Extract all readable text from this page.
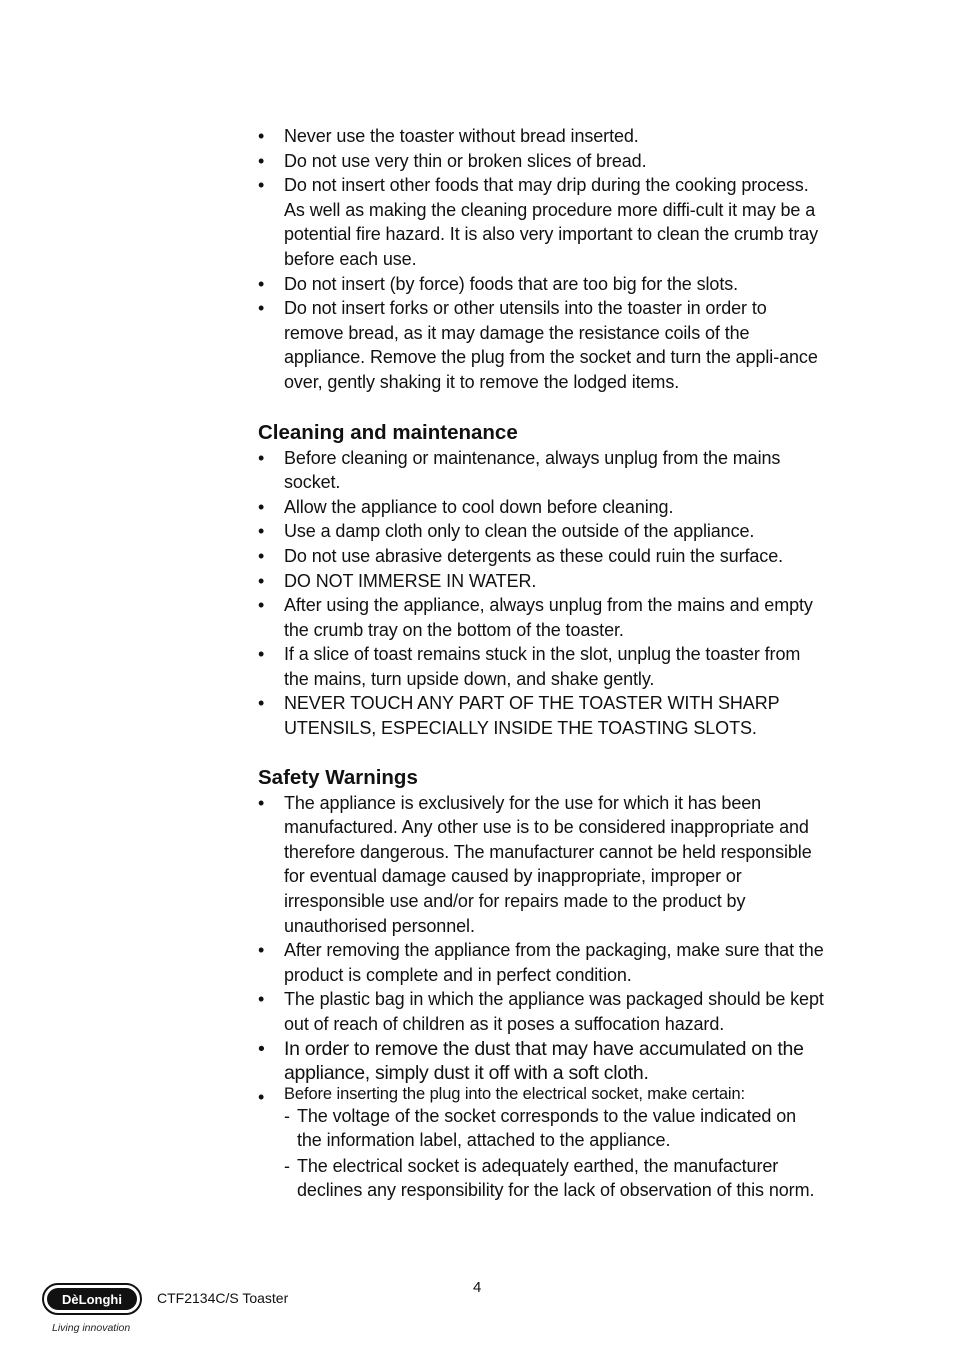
• Never use the toaster without bread inserted.
• Do not use very thin or broken slices of bread.
• Do not insert other foods that may drip during the cooking process. As well as making the cleaning procedure more diffi-cult it may be a potential fire hazard. It is also very important to clean the crumb tray before each use.
• Do not insert (by force) foods that are too big for the slots.
• Do not insert forks or other utensils into the toaster in order to remove bread, as it may damage the resistance coils of the appliance. Remove the plug from the socket and turn the appli-ance over, gently shaking it to remove the lodged items.
Cleaning and maintenance
• Before cleaning or maintenance, always unplug from the mains socket.
• Allow the appliance to cool down before cleaning.
• Use a damp cloth only to clean the outside of the appliance.
• Do not use abrasive detergents as these could ruin the surface.
• DO NOT IMMERSE IN WATER.
• After using the appliance, always unplug from the mains and empty the crumb tray on the bottom of the toaster.
• If a slice of toast remains stuck in the slot, unplug the toaster from the mains, turn upside down, and shake gently.
• NEVER TOUCH ANY PART OF THE TOASTER WITH SHARP UTENSILS, ESPECIALLY INSIDE THE TOASTING SLOTS.
Safety Warnings
• The appliance is exclusively for the use for which it has been manufactured. Any other use is to be considered inappropriate and therefore dangerous. The manufacturer cannot be held responsible for eventual damage caused by inappropriate, improper or irresponsible use and/or for repairs made to the product by unauthorised personnel.
• After removing the appliance from the packaging, make sure that the product is complete and in perfect condition.
• The plastic bag in which the appliance was packaged should be kept out of reach of children as it poses a suffocation hazard.
• In order to remove the dust that may have accumulated on the appliance, simply dust it off with a soft cloth.
• Before inserting the plug into the electrical socket, make certain:
- The voltage of the socket corresponds to the value indicated on the information label, attached to the appliance.
- The electrical socket is adequately earthed, the manufacturer declines any responsibility for the lack of observation of this norm.
DèLonghi
Living innovation
CTF2134C/S Toaster
4
